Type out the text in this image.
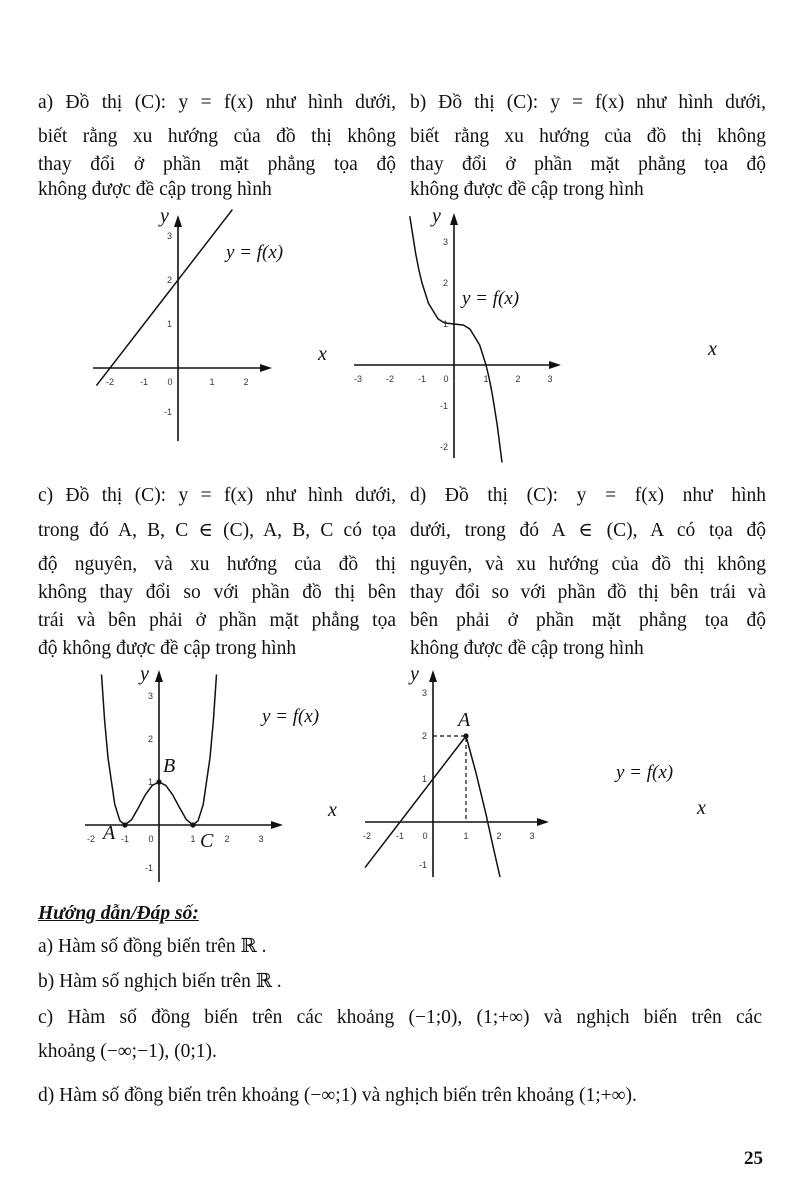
a) Đồ thị (C): y = f(x) như hình dưới,
biết rằng xu hướng của đồ thị không
thay đổi ở phần mặt phẳng tọa độ
không được đề cập trong hình
b) Đồ thị (C): y = f(x) như hình dưới,
biết rằng xu hướng của đồ thị không
thay đổi ở phần mặt phẳng tọa độ
không được đề cập trong hình
c) Đồ thị (C): y = f(x) như hình dưới,
trong đó A, B, C ∈ (C), A, B, C có tọa
độ nguyên, và xu hướng của đồ thị
không thay đổi so với phần đồ thị bên
trái và bên phải ở phần mặt phẳng tọa
độ không được đề cập trong hình
d) Đồ thị (C): y = f(x) như hình
dưới, trong đó A ∈ (C), A có tọa độ
nguyên, và xu hướng của đồ thị không
thay đổi so với phần đồ thị bên trái và
bên phải ở phần mặt phẳng tọa độ
không được đề cập trong hình
-2	-1 0	1	2
1
2
3
-1
x
y
y = f(x)
-3	-2	-1 0	1	2	3
1
2
3
-1
-2
x
y
y = f(x)
-2	-1 0	1	2	3
1
2
3
-1
x
y
y = f(x)
A
B
C	-2	-1 0	1	2	3
1
2
3
-1
x
y
y = f(x)
A
Hướng dẫn/Đáp số:
a) Hàm số đồng biến trên ℝ .
b) Hàm số nghịch biến trên ℝ .
c) Hàm số đồng biến trên các khoảng (−1;0), (1;+∞) và nghịch biến trên các
khoảng (−∞;−1), (0;1).
d) Hàm số đồng biến trên khoảng (−∞;1) và nghịch biến trên khoảng (1;+∞).
25
